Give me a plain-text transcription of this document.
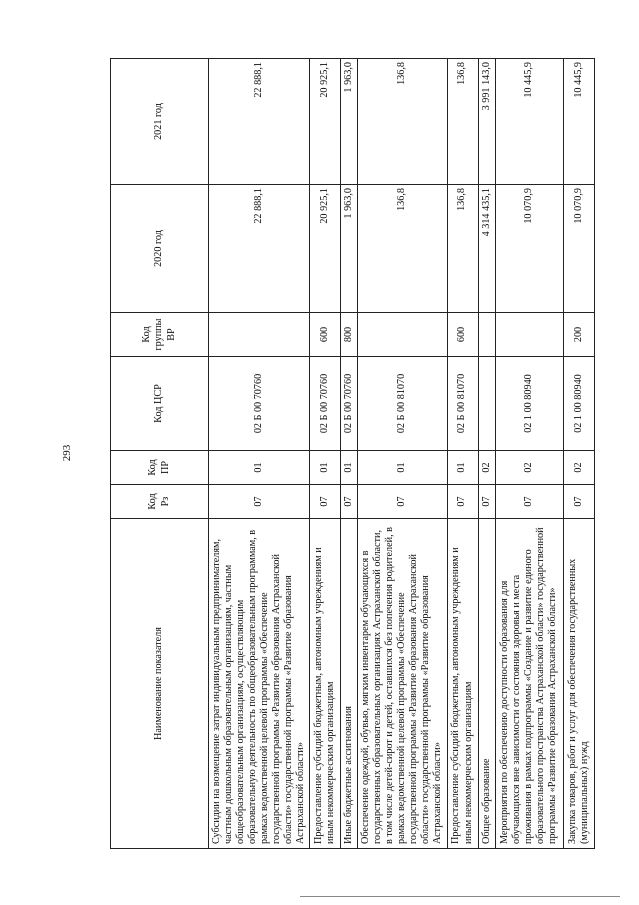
293
Наименование показателя	Код Рз	Код ПР	Код ЦСР	Код группы ВР	2020 год	2021 год
Субсидии на возмещение затрат индивидуальным предпринимателям, частным дошкольным образовательным организациям, частным общеобразовательным организациям, осуществляющим образовательную деятельность по общеобразовательным программам, в рамках ведомственной целевой программы «Обеспечение государственной программы «Развитие образования Астраханской области» государственной программы «Развитие образования Астраханской области»	07	01	02 Б 00 70760		22 888,1	22 888,1
Предоставление субсидий бюджетным, автономным учреждениям и иным некоммерческим организациям	07	01	02 Б 00 70760	600	20 925,1	20 925,1
Иные бюджетные ассигнования	07	01	02 Б 00 70760	800	1 963,0	1 963,0
Обеспечение одеждой, обувью, мягким инвентарем обучающихся в государственных образовательных организациях Астраханской области, в том числе детей-сирот и детей, оставшихся без попечения родителей, в рамках ведомственной целевой программы «Обеспечение государственной программы «Развитие образования Астраханской области» государственной программы «Развитие образования Астраханской области»	07	01	02 Б 00 81070		136,8	136,8
Предоставление субсидий бюджетным, автономным учреждениям и иным некоммерческим организациям	07	01	02 Б 00 81070	600	136,8	136,8
Общее образование	07	02			4 314 435,1	3 991 143,0
Мероприятия по обеспечению доступности образования для обучающихся вне зависимости от состояния здоровья и места проживания в рамках подпрограммы «Создание и развитие единого образовательного пространства Астраханской области» государственной программы «Развитие образования Астраханской области»	07	02	02 1 00 80940		10 070,9	10 445,9
Закупка товаров, работ и услуг для обеспечения государственных (муниципальных) нужд	07	02	02 1 00 80940	200	10 070,9	10 445,9
